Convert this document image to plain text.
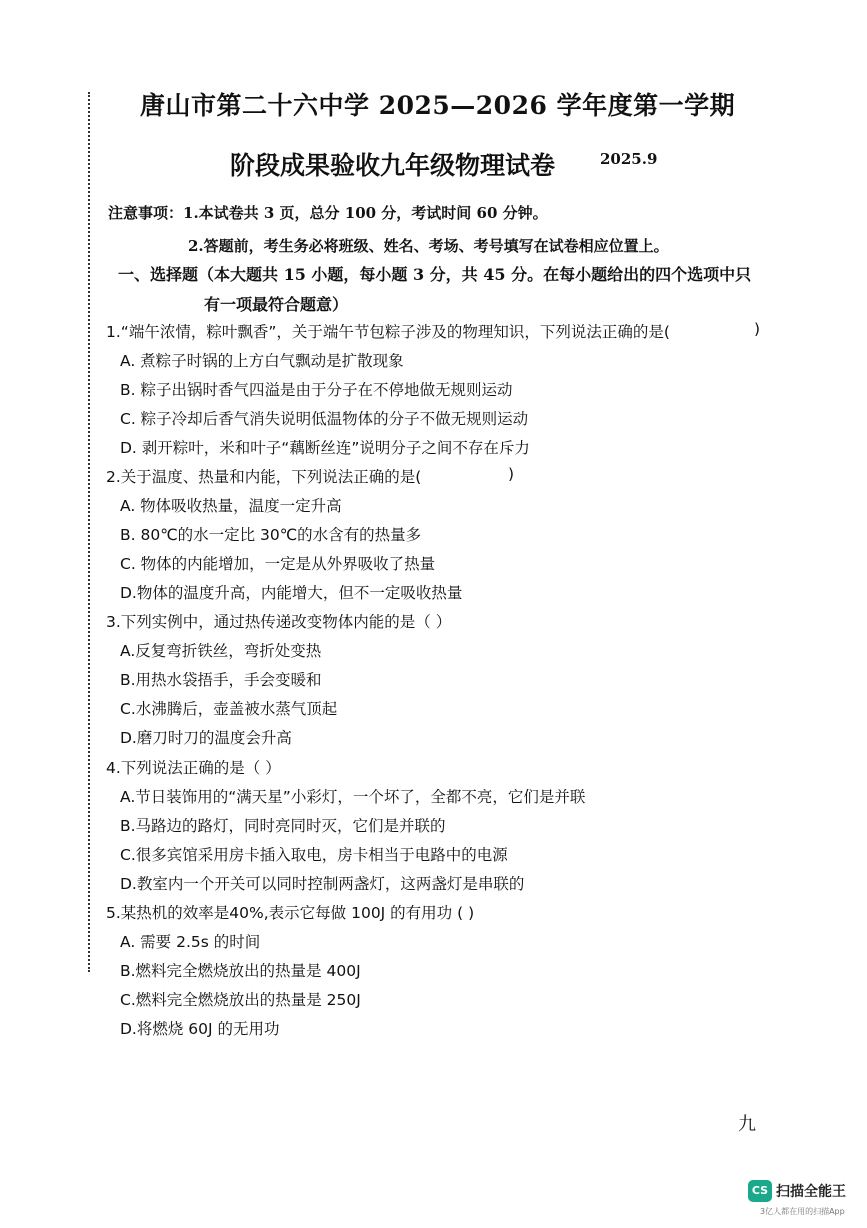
唐山市第二十六中学 2025—2026 学年度第一学期
阶段成果验收九年级物理试卷	2025.9
注意事项：1.本试卷共 3 页，总分 100 分，考试时间 60 分钟。
2.答题前，考生务必将班级、姓名、考场、考号填写在试卷相应位置上。
一、选择题（本大题共 15 小题，每小题 3 分，共 45 分。在每小题给出的四个选项中只
有一项最符合题意）
1.“端午浓情，粽叶飘香”，关于端午节包粽子涉及的物理知识，下列说法正确的是(	)
A. 煮粽子时锅的上方白气飘动是扩散现象
B. 粽子出锅时香气四溢是由于分子在不停地做无规则运动
C. 粽子冷却后香气消失说明低温物体的分子不做无规则运动
D. 剥开粽叶，米和叶子“藕断丝连”说明分子之间不存在斥力
2.关于温度、热量和内能，下列说法正确的是(	)
A. 物体吸收热量，温度一定升高
B. 80℃的水一定比 30℃的水含有的热量多
C. 物体的内能增加，一定是从外界吸收了热量
D.物体的温度升高，内能增大，但不一定吸收热量
3.下列实例中，通过热传递改变物体内能的是（ ）
A.反复弯折铁丝，弯折处变热
B.用热水袋捂手，手会变暖和
C.水沸腾后，壶盖被水蒸气顶起
D.磨刀时刀的温度会升高
4.下列说法正确的是（ ）
A.节日装饰用的“满天星”小彩灯，一个坏了，全都不亮，它们是并联
B.马路边的路灯，同时亮同时灭，它们是并联的
C.很多宾馆采用房卡插入取电，房卡相当于电路中的电源
D.教室内一个开关可以同时控制两盏灯，这两盏灯是串联的
5.某热机的效率是40%,表示它每做 100J 的有用功 ( )
A. 需要 2.5s 的时间
B.燃料完全燃烧放出的热量是 400J
C.燃料完全燃烧放出的热量是 250J
D.将燃烧 60J 的无用功
九
CS 扫描全能王
3亿人都在用的扫描App
